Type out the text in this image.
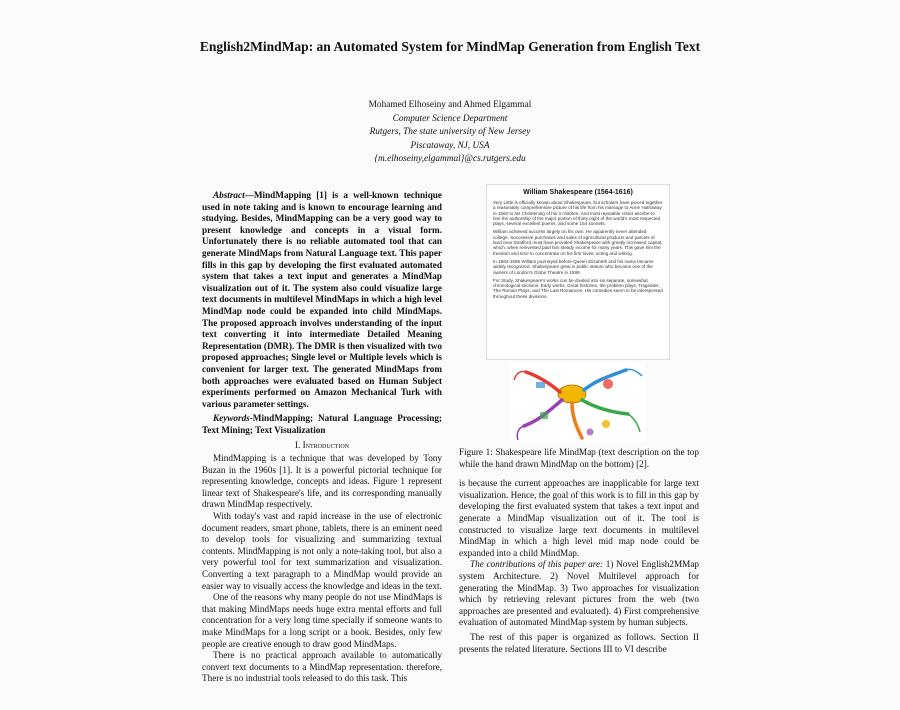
English2MindMap: an Automated System for MindMap Generation from English Text
Mohamed Elhoseiny and Ahmed Elgammal
Computer Science Department
Rutgers, The state university of New Jersey
Piscataway, NJ, USA
{m.elhoseiny,elgammal}@cs.rutgers.edu

Abstract—MindMapping [1] is a well-known technique used in note taking and is known to encourage learning and studying. Besides, MindMapping can be a very good way to present knowledge and concepts in a visual form. Unfortunately there is no reliable automated tool that can generate MindMaps from Natural Language text. This paper fills in this gap by developing the first evaluated automated system that takes a text input and generates a MindMap visualization out of it. The system also could visualize large text documents in multilevel MindMaps in which a high level MindMap node could be expanded into child MindMaps. The proposed approach involves understanding of the input text converting it into intermediate Detailed Meaning Representation (DMR). The DMR is then visualized with two proposed approaches; Single level or Multiple levels which is convenient for larger text. The generated MindMaps from both approaches were evaluated based on Human Subject experiments performed on Amazon Mechanical Turk with various parameter settings.

Keywords-MindMapping; Natural Language Processing; Text Mining; Text Visualization

I. Introduction

MindMapping is a technique that was developed by Tony Buzan in the 1960s [1]. It is a powerful pictorial technique for representing knowledge, concepts and ideas. Figure 1 represent linear text of Shakespeare's life, and its corresponding manually drawn MindMap respectively.

With today's vast and rapid increase in the use of electronic document readers, smart phone, tablets, there is an eminent need to develop tools for visualizing and summarizing textual contents. MindMapping is not only a note-taking tool, but also a very powerful tool for text summarization and visualization. Converting a text paragraph to a MindMap would provide an easier way to visually access the knowledge and ideas in the text.

One of the reasons why many people do not use MindMaps is that making MindMaps needs huge extra mental efforts and full concentration for a very long time specially if someone wants to make MindMaps for a long script or a book. Besides, only few people are creative enough to draw good MindMaps.

There is no practical approach available to automatically convert text documents to a MindMap representation. therefore, There is no industrial tools released to do this task. This

William Shakespeare (1564-1616)
Very Little is officially known about Shakespeare, but scholars have pieced together a reasonably comprehensive picture of his life from his marriage to Anne Hathaway in 1582 to his Christening of his 3 children. And most reputable critics ascribe to him the authorship of the major portion of thirty eight of the world's most respected plays, several excellent poems, and some 154 sonnets.
William achieved success largely on his own. He apparently never attended college. Successive purchases and sales of agricultural products and parcels of land near Stratford must have provided Shakespeare with greatly increased capital, which, when reinvested paid him steady income for many years. This gave him the freedom and time to concentrate on his first loves: acting and writing.
In 1584-1585 William journeyed before Queen Elizabeth and his name became widely recognized. Shakespeare grew in public stature who became one of the owners of London's Globe Theatre in 1599.
For Study, Shakespeare's works can be divided into six separate, somewhat chronological sections. Early works, Great histories, the problem plays, Tragedies, The Roman Plays, and The Last Romances. His comedies seem to be interspersed throughout these divisions.

Figure 1: Shakespeare life MindMap (text description on the top while the hand drawn MindMap on the bottom) [2].

is because the current approaches are inapplicable for large text visualization. Hence, the goal of this work is to fill in this gap by developing the first evaluated system that takes a text input and generate a MindMap visualization out of it. The tool is constructed to visualize large text documents in multilevel MindMap in which a high level mid map node could be expanded into a child MindMap.

The contributions of this paper are: 1) Novel English2MMap system Architecture. 2) Novel Multilevel approach for generating the MindMap. 3) Two approaches for visualization which by retrieving relevant pictures from the web (two approaches are presented and evaluated). 4) First comprehensive evaluation of automated MindMap system by human subjects.

The rest of this paper is organized as follows. Section II presents the related literature. Sections III to VI describe
